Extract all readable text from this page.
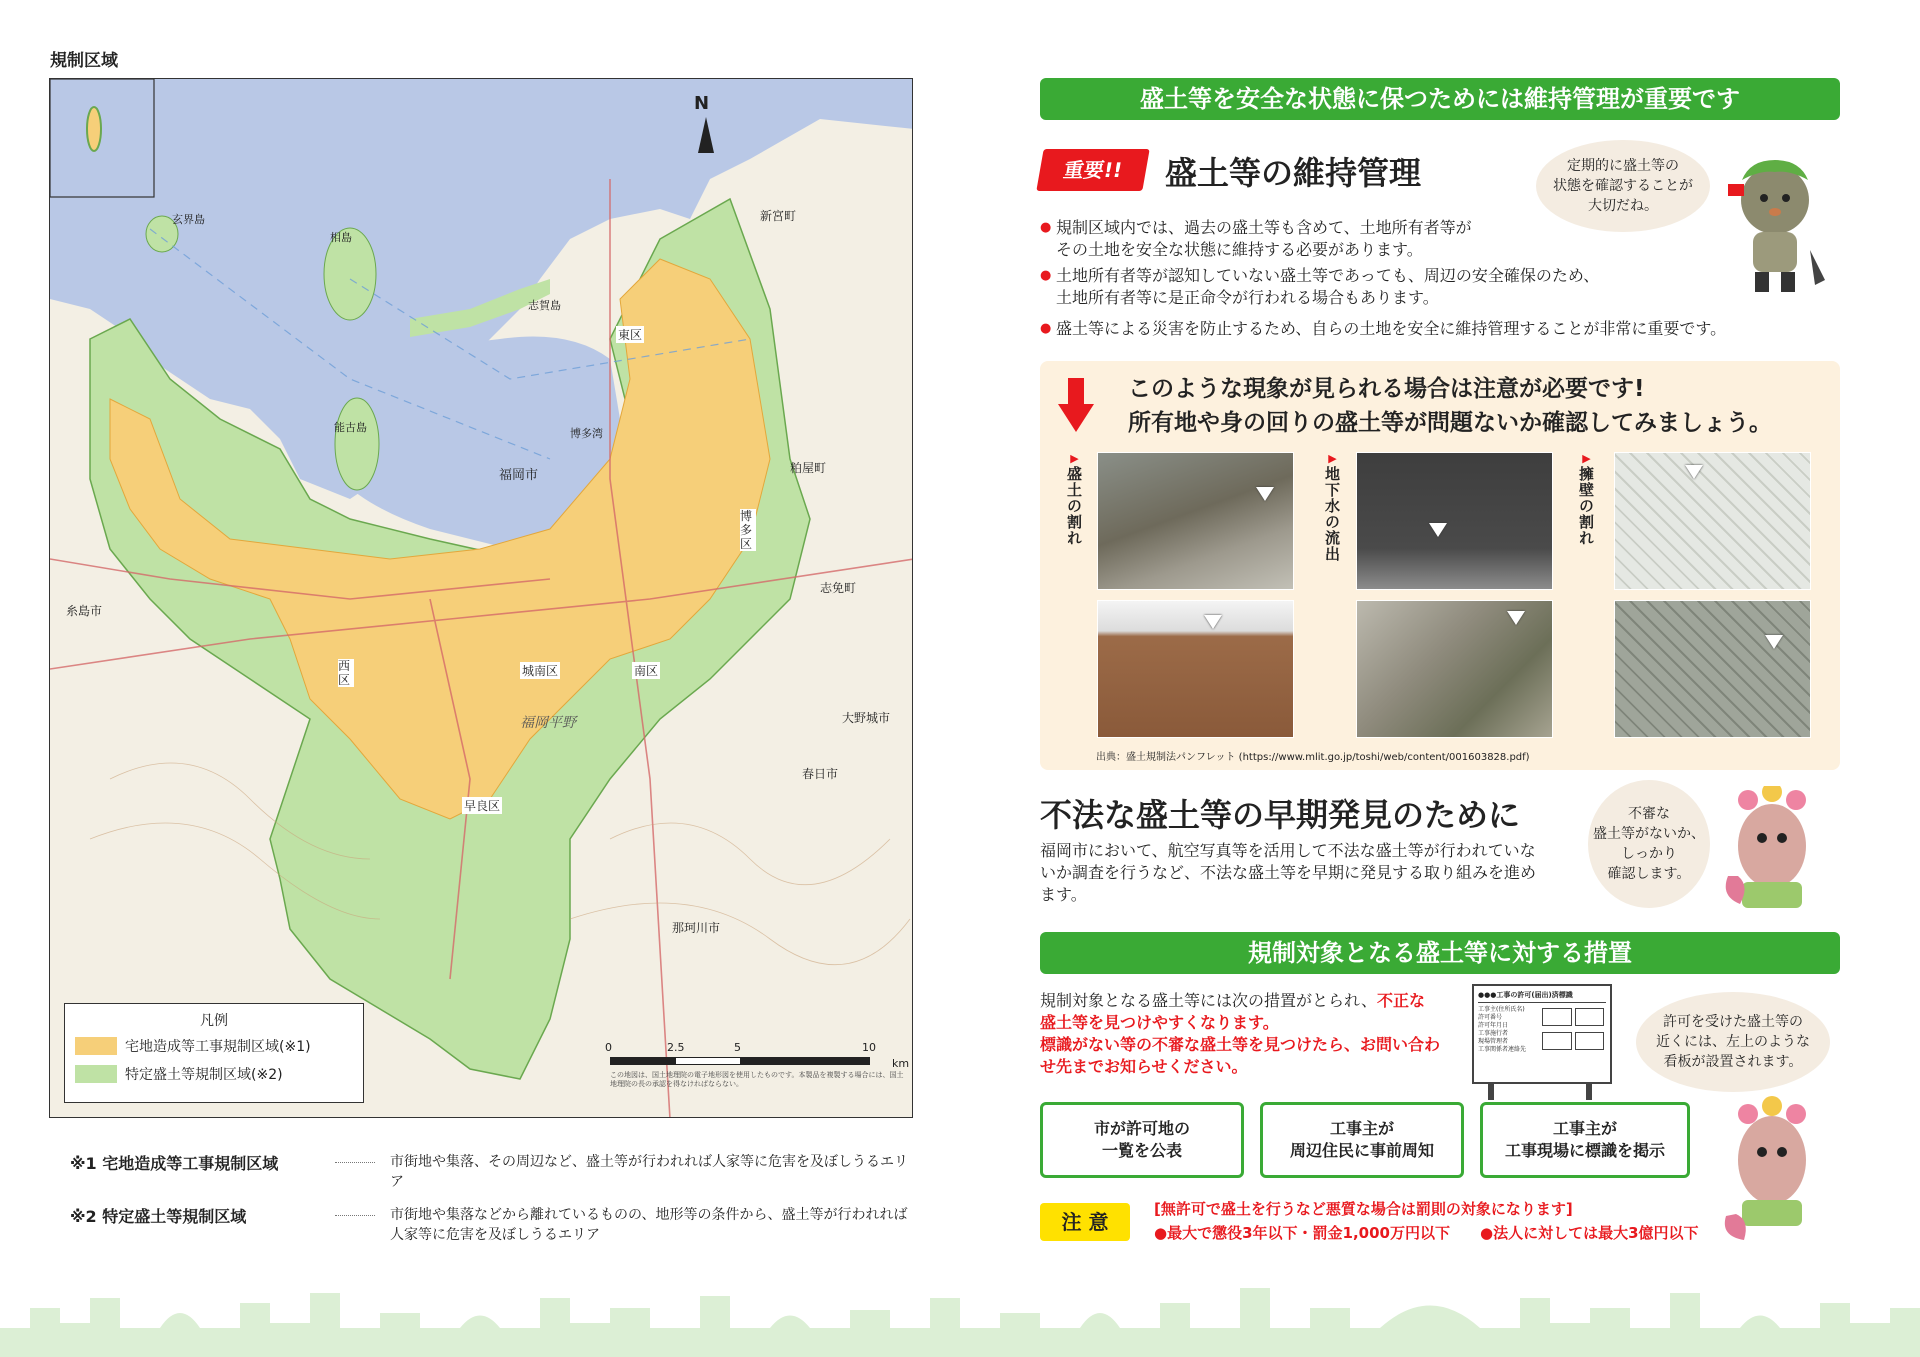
規制区域
N
福岡市
東区
博多区
西区
城南区	南区
早良区
福岡平野
糸島市
粕屋町
志免町
大野城市
春日市
那珂川市
新宮町
博多湾
志賀島
能古島
玄界島
相島
凡例
宅地造成等工事規制区域(※1)
特定盛土等規制区域(※2)
0	2.5	5	10
km
この地図は、国土地理院の電子地形図を使用したものです。本製品を複製する場合には、国土地理院の長の承認を得なければならない。
※1 宅地造成等工事規制区域	市街地や集落、その周辺など、盛土等が行われれば人家等に危害を及ぼしうるエリア
※2 特定盛土等規制区域	市街地や集落などから離れているものの、地形等の条件から、盛土等が行われれば人家等に危害を及ぼしうるエリア
盛土等を安全な状態に保つためには維持管理が重要です
重要!!	盛土等の維持管理	定期的に盛土等の
状態を確認することが
大切だね。
● 規制区域内では、過去の盛土等も含めて、土地所有者等が
その土地を安全な状態に維持する必要があります。
● 土地所有者等が認知していない盛土等であっても、周辺の安全確保のため、
土地所有者等に是正命令が行われる場合もあります。
● 盛土等による災害を防止するため、自らの土地を安全に維持管理することが非常に重要です。
このような現象が見られる場合は注意が必要です!
所有地や身の回りの盛土等が問題ないか確認してみましょう。
▶盛土の割れ
▶地下水の流出
▶擁壁の割れ
出典：盛土規制法パンフレット (https://www.mlit.go.jp/toshi/web/content/001603828.pdf)
不法な盛土等の早期発見のために
福岡市において、航空写真等を活用して不法な盛土等が行われていな
いか調査を行うなど、不法な盛土等を早期に発見する取り組みを進め
ます。
不審な
盛土等がないか、
しっかり
確認します。
規制対象となる盛土等に対する措置
規制対象となる盛土等には次の措置がとられ、不正な
盛土等を見つけやすくなります。
標識がない等の不審な盛土等を見つけたら、お問い合わせ先までお知らせください。
●●●工事の許可(届出)済標識
工事主(住所氏名)
許可番号
許可年月日
工事施行者
現場管理者
工事関係者連絡先
許可を受けた盛土等の
近くには、左上のような
看板が設置されます。
市が許可地の
一覧を公表
工事主が
周辺住民に事前周知
工事主が
工事現場に標識を掲示
注 意
[無許可で盛土を行うなど悪質な場合は罰則の対象になります]
●最大で懲役3年以下・罰金1,000万円以下 ●法人に対しては最大3億円以下
